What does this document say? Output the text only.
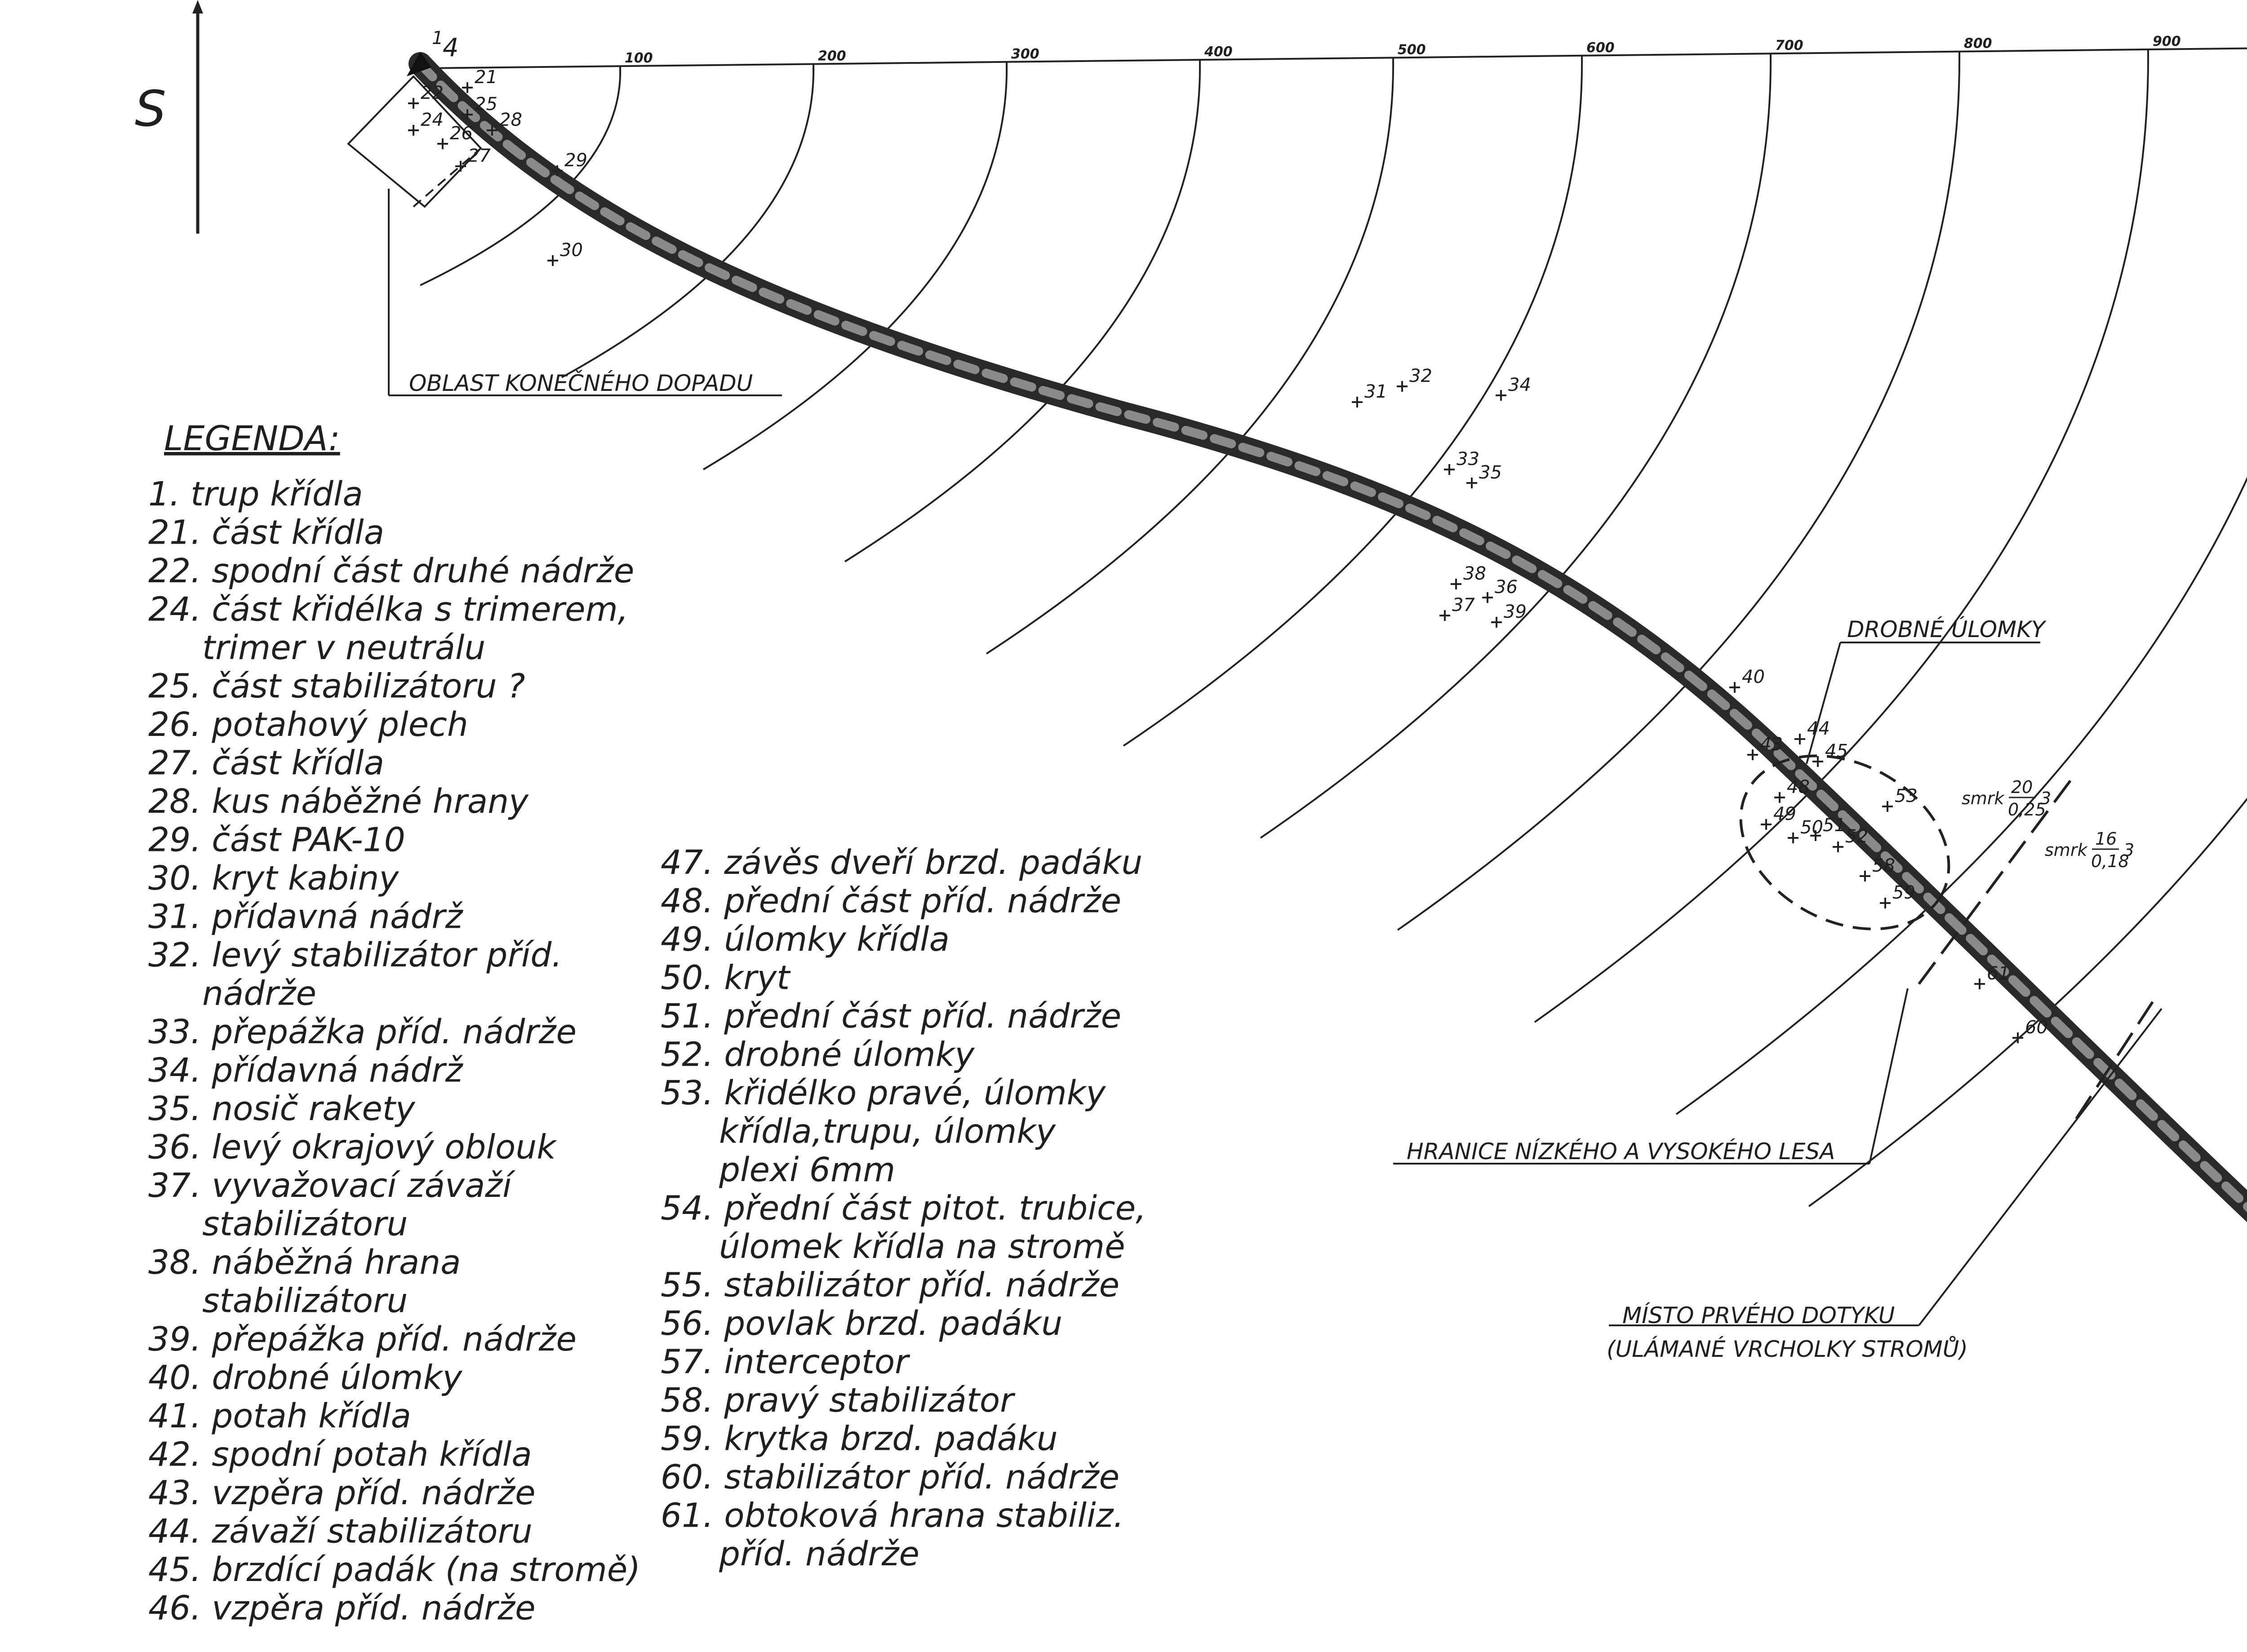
S
100	200	300	400	500	600	700	800	900
OBLAST KONEČNÉHO DOPADU
4
DROBNÉ ÚLOMKY
HRANICE NÍZKÉHO A VYSOKÉHO LESA
smrk
20
0,25
3
smrk
16
0,18
3
MÍSTO PRVÉHO DOTYKU
(ULÁMANÉ VRCHOLKY STROMŮ)
1
21
22
24
25
26
27
28
29
30
31
32	34
33
35
38
37
36
39
40
43
44
45
48
49
50 51
52
53
58
59
61
60
LEGENDA:
1. trup křídla
21. část křídla
22. spodní část druhé nádrže
24. část křidélka s trimerem,
trimer v neutrálu
25. část stabilizátoru ?
26. potahový plech
27. část křídla
28. kus náběžné hrany
29. část PAK-10
30. kryt kabiny
31. přídavná nádrž
32. levý stabilizátor příd.
nádrže
33. přepážka příd. nádrže
34. přídavná nádrž
35. nosič rakety
36. levý okrajový oblouk
37. vyvažovací závaží
stabilizátoru
38. náběžná hrana
stabilizátoru
39. přepážka příd. nádrže
40. drobné úlomky
41. potah křídla
42. spodní potah křídla
43. vzpěra příd. nádrže
44. závaží stabilizátoru
45. brzdící padák (na stromě)
46. vzpěra příd. nádrže
47. závěs dveří brzd. padáku
48. přední část příd. nádrže
49. úlomky křídla
50. kryt
51. přední část příd. nádrže
52. drobné úlomky
53. křidélko pravé, úlomky
křídla,trupu, úlomky
plexi 6mm
54. přední část pitot. trubice,
úlomek křídla na stromě
55. stabilizátor příd. nádrže
56. povlak brzd. padáku
57. interceptor
58. pravý stabilizátor
59. krytka brzd. padáku
60. stabilizátor příd. nádrže
61. obtoková hrana stabiliz.
příd. nádrže
